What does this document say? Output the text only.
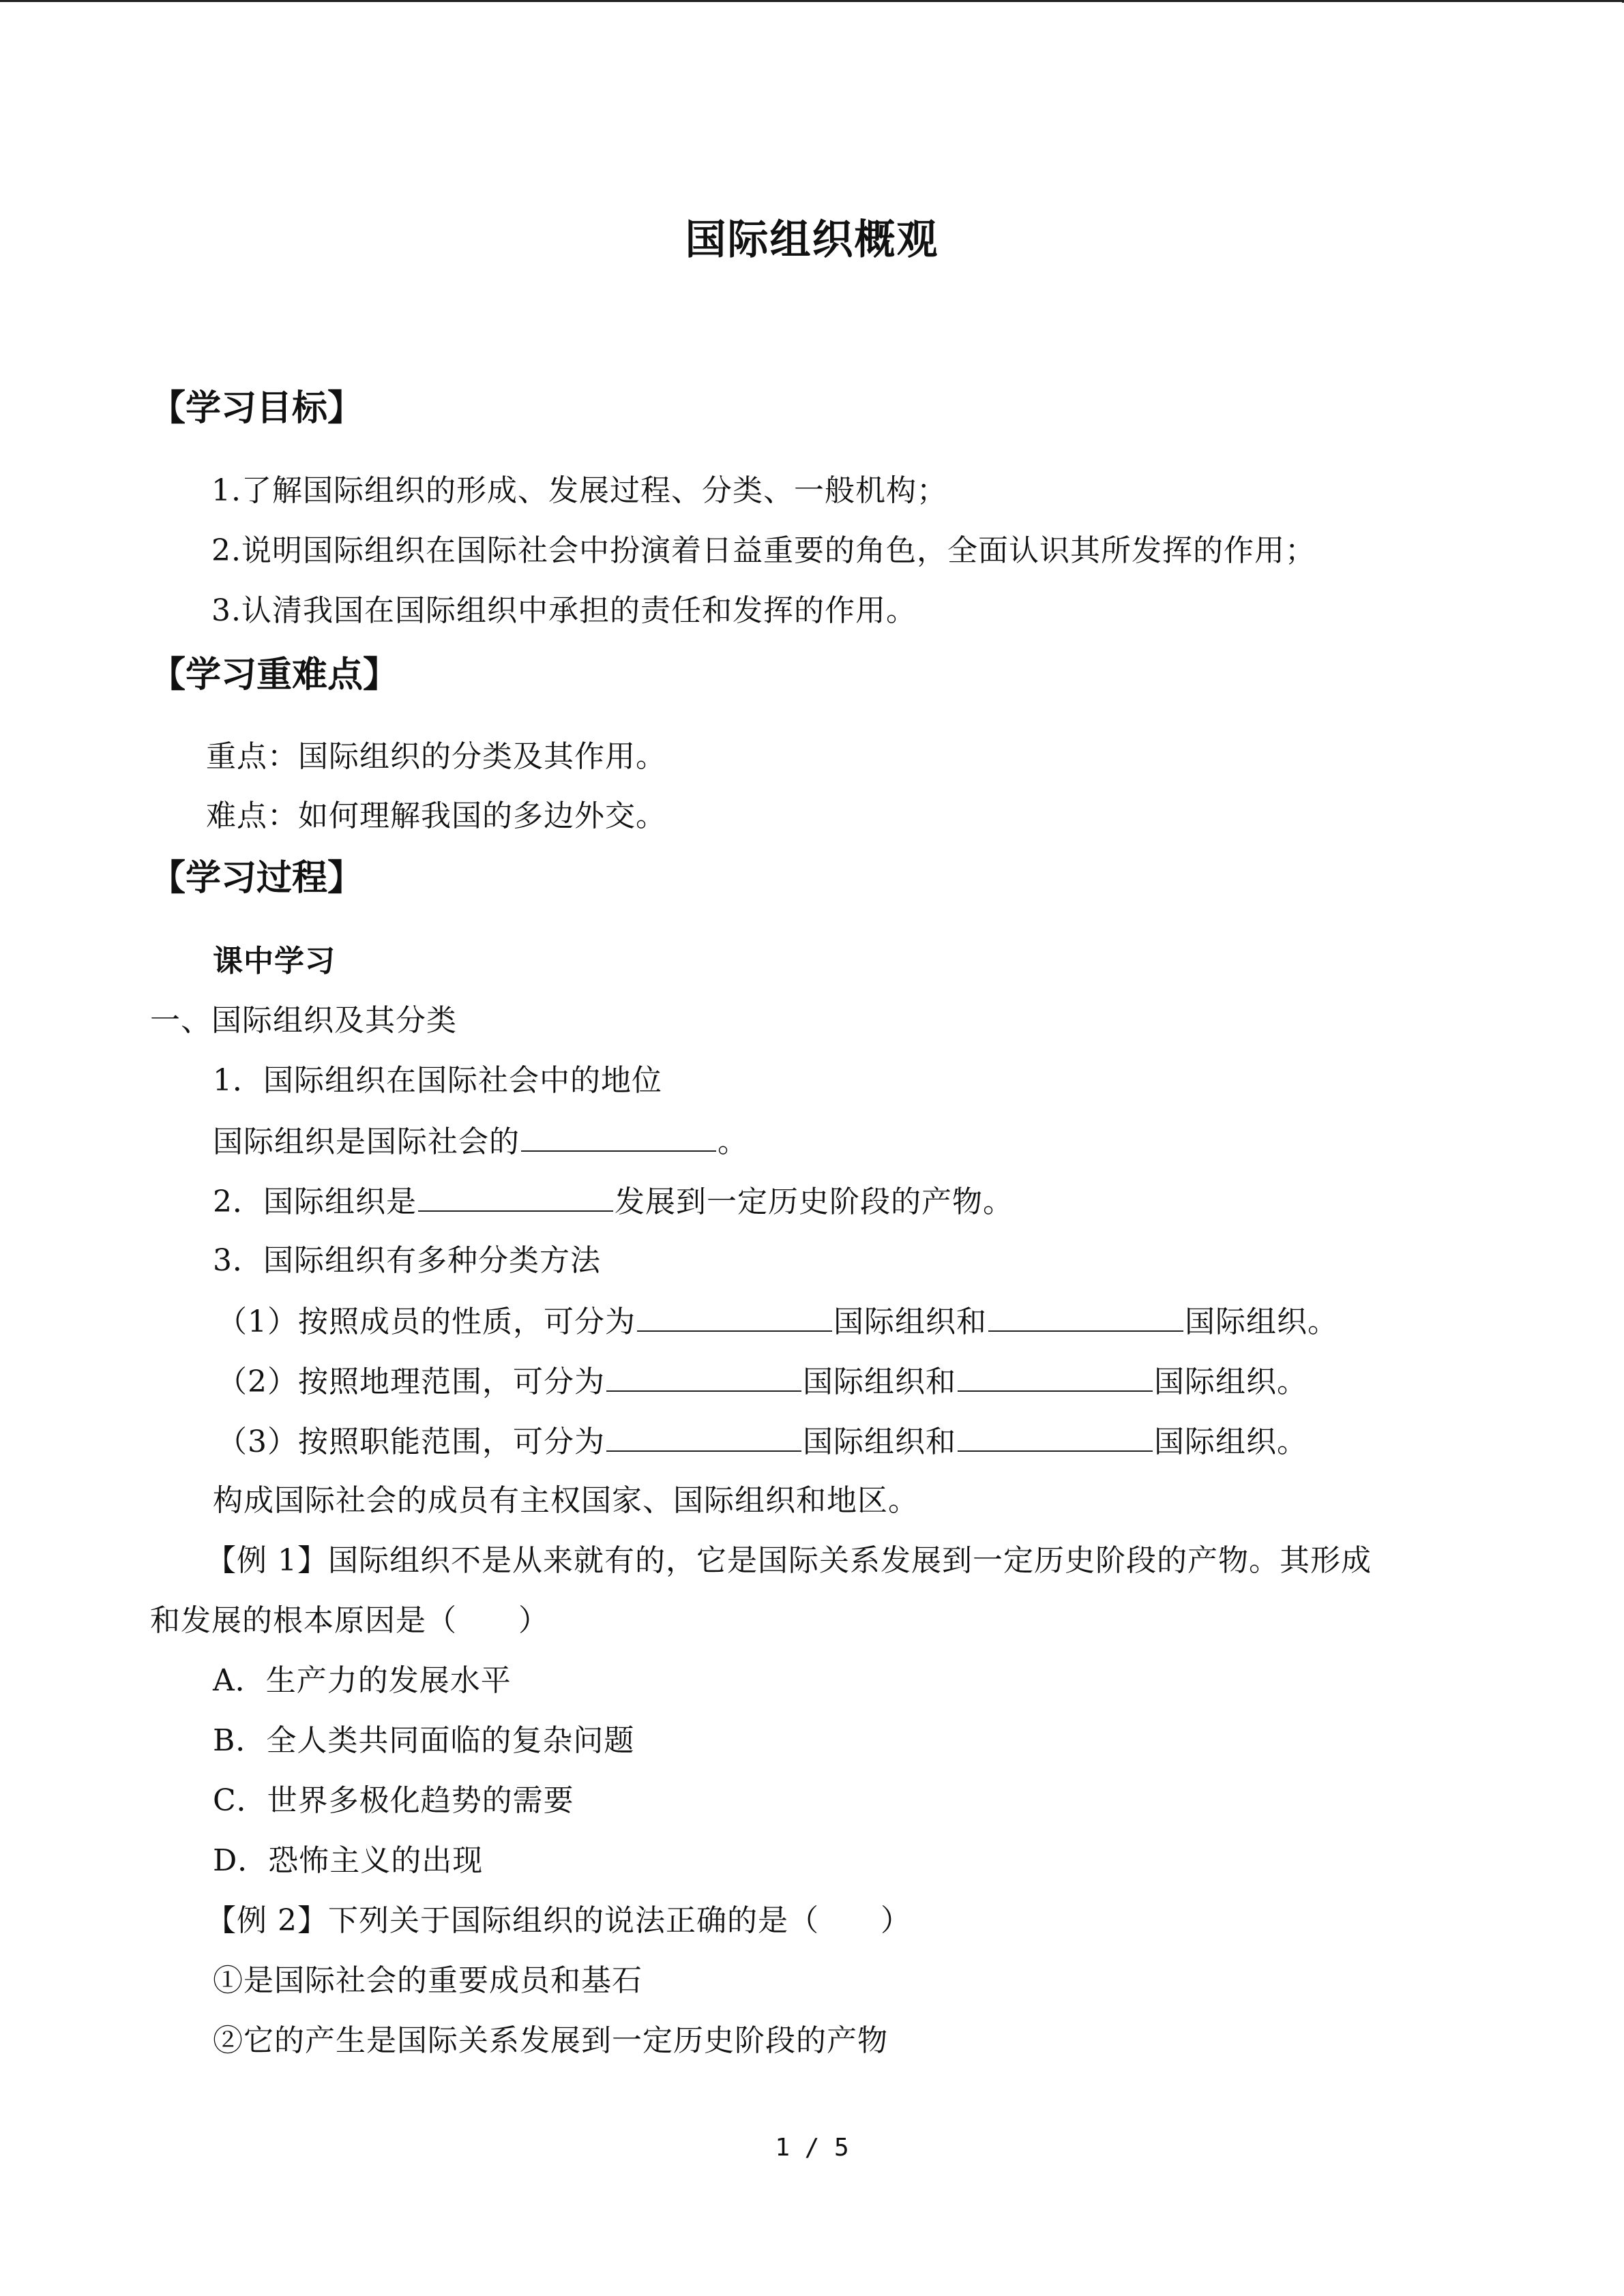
国际组织概观
【学习目标】
1.了解国际组织的形成、发展过程、分类、一般机构；
2.说明国际组织在国际社会中扮演着日益重要的角色，全面认识其所发挥的作用；
3.认清我国在国际组织中承担的责任和发挥的作用。
【学习重难点】
重点：国际组织的分类及其作用。
难点：如何理解我国的多边外交。
【学习过程】
课中学习
一、国际组织及其分类
1．国际组织在国际社会中的地位
国际组织是国际社会的	。
2．国际组织是	发展到一定历史阶段的产物。
3．国际组织有多种分类方法
（1）按照成员的性质，可分为	国际组织和	国际组织。
（2）按照地理范围，可分为	国际组织和	国际组织。
（3）按照职能范围，可分为	国际组织和	国际组织。
构成国际社会的成员有主权国家、国际组织和地区。
【例 1】国际组织不是从来就有的，它是国际关系发展到一定历史阶段的产物。其形成
和发展的根本原因是（　　）
A．生产力的发展水平
B．全人类共同面临的复杂问题
C．世界多极化趋势的需要
D．恐怖主义的出现
【例 2】下列关于国际组织的说法正确的是（　　）
①是国际社会的重要成员和基石
②它的产生是国际关系发展到一定历史阶段的产物
1 / 5
